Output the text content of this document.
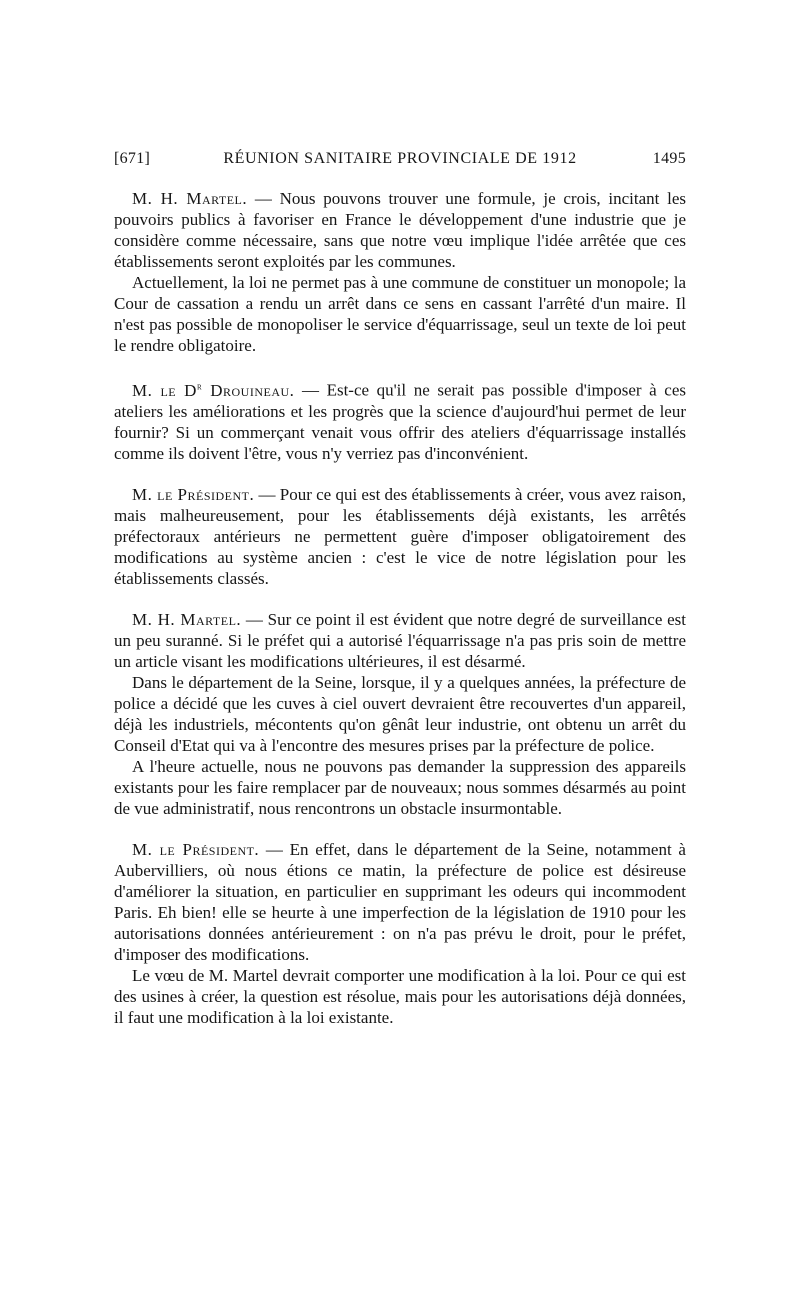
[671]	RÉUNION SANITAIRE PROVINCIALE DE 1912	1495

M. H. Martel. — Nous pouvons trouver une formule, je crois, incitant les pouvoirs publics à favoriser en France le développement d'une industrie que je considère comme nécessaire, sans que notre vœu implique l'idée arrêtée que ces établissements seront exploités par les communes.

Actuellement, la loi ne permet pas à une commune de constituer un monopole; la Cour de cassation a rendu un arrêt dans ce sens en cassant l'arrêté d'un maire. Il n'est pas possible de monopoliser le service d'équarrissage, seul un texte de loi peut le rendre obligatoire.

M. le $D^r$ Drouineau. — Est-ce qu'il ne serait pas possible d'imposer à ces ateliers les améliorations et les progrès que la science d'aujourd'hui permet de leur fournir? Si un commerçant venait vous offrir des ateliers d'équarrissage installés comme ils doivent l'être, vous n'y verriez pas d'inconvénient.

M. le Président. — Pour ce qui est des établissements à créer, vous avez raison, mais malheureusement, pour les établissements déjà existants, les arrêtés préfectoraux antérieurs ne permettent guère d'imposer obligatoirement des modifications au système ancien : c'est le vice de notre législation pour les établissements classés.

M. H. Martel. — Sur ce point il est évident que notre degré de surveillance est un peu suranné. Si le préfet qui a autorisé l'équarrissage n'a pas pris soin de mettre un article visant les modifications ultérieures, il est désarmé.

Dans le département de la Seine, lorsque, il y a quelques années, la préfecture de police a décidé que les cuves à ciel ouvert devraient être recouvertes d'un appareil, déjà les industriels, mécontents qu'on gênât leur industrie, ont obtenu un arrêt du Conseil d'Etat qui va à l'encontre des mesures prises par la préfecture de police.

A l'heure actuelle, nous ne pouvons pas demander la suppression des appareils existants pour les faire remplacer par de nouveaux; nous sommes désarmés au point de vue administratif, nous rencontrons un obstacle insurmontable.

M. le Président. — En effet, dans le département de la Seine, notamment à Aubervilliers, où nous étions ce matin, la préfecture de police est désireuse d'améliorer la situation, en particulier en supprimant les odeurs qui incommodent Paris. Eh bien! elle se heurte à une imperfection de la législation de 1910 pour les autorisations données antérieurement : on n'a pas prévu le droit, pour le préfet, d'imposer des modifications.

Le vœu de M. Martel devrait comporter une modification à la loi. Pour ce qui est des usines à créer, la question est résolue, mais pour les autorisations déjà données, il faut une modification à la loi existante.
